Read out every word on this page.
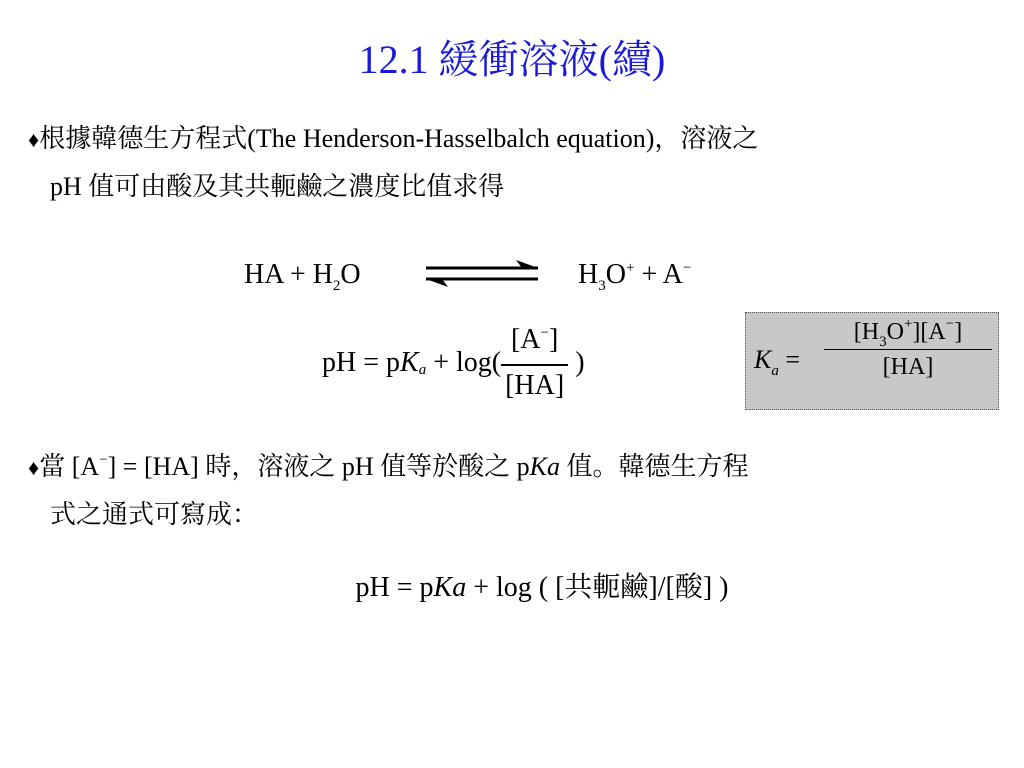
12.1 緩衝溶液(續)
♦根據韓德生方程式(The Henderson-Hasselbalch equation)，溶液之
pH 值可由酸及其共軛鹼之濃度比值求得
HA + $H_2O$	$H_3O^+ + A^-$
pH = $pK_a + \log( \frac{[A^-]}{[HA]}$ )	$K_a = \frac{[H_3O^+][A^-]}{[HA]}$
♦當 [A−] = [HA] 時，溶液之 pH 值等於酸之 pKa 值。韓德生方程
式之通式可寫成：
pH = pKa + log ( [共軛鹼]/[酸] )
